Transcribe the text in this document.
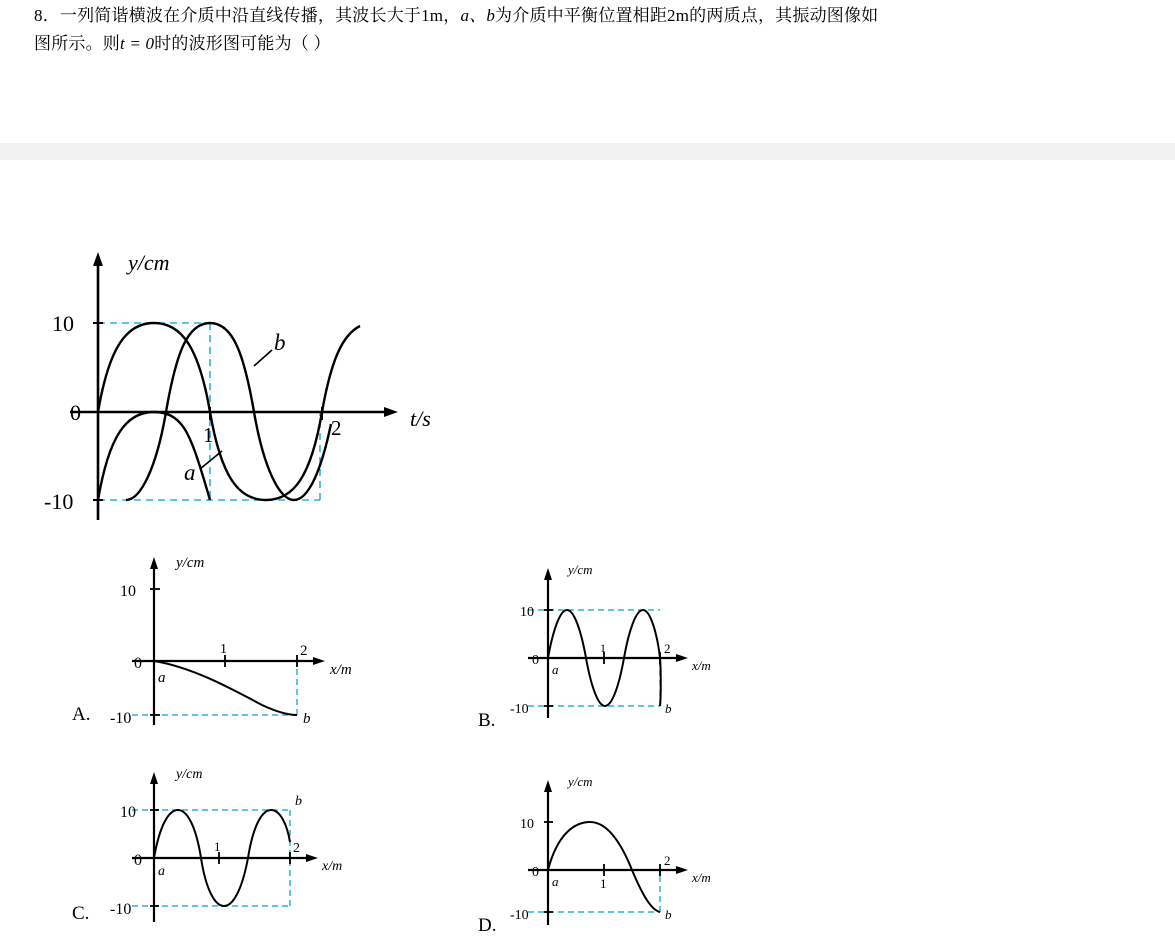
8．一列简谐横波在介质中沿直线传播，其波长大于1m，a、b为介质中平衡位置相距2m的两质点，其振动图像如
图所示。则t = 0时的波形图可能为（ ）
y/cm
t/s
10
0
-10
1	2
a
b
y/cm
x/m
10
0
-10
1	2
a
b
A.
y/cm
x/m
10
0
-10
1	2
a
b
B.
y/cm
x/m
10
0
-10
1	2
a
b
C.
y/cm
x/m
10
0
-10
1
2
a
b
D.
